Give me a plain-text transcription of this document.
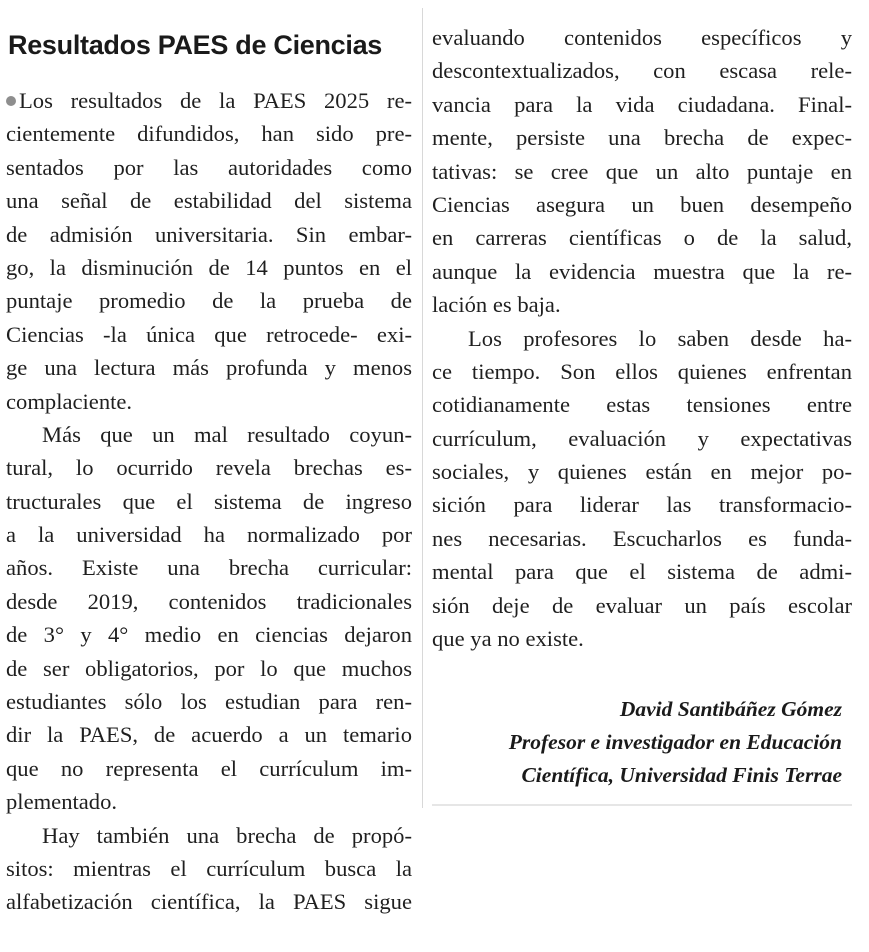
Resultados PAES de Ciencias
Los resultados de la PAES 2025 re-
cientemente difundidos, han sido pre-
sentados por las autoridades como
una señal de estabilidad del sistema
de admisión universitaria. Sin embar-
go, la disminución de 14 puntos en el
puntaje promedio de la prueba de
Ciencias -la única que retrocede- exi-
ge una lectura más profunda y menos
complaciente.
Más que un mal resultado coyun-
tural, lo ocurrido revela brechas es-
tructurales que el sistema de ingreso
a la universidad ha normalizado por
años. Existe una brecha curricular:
desde 2019, contenidos tradicionales
de 3° y 4° medio en ciencias dejaron
de ser obligatorios, por lo que muchos
estudiantes sólo los estudian para ren-
dir la PAES, de acuerdo a un temario
que no representa el currículum im-
plementado.
Hay también una brecha de propó-
sitos: mientras el currículum busca la
alfabetización científica, la PAES sigue
evaluando contenidos específicos y
descontextualizados, con escasa rele-
vancia para la vida ciudadana. Final-
mente, persiste una brecha de expec-
tativas: se cree que un alto puntaje en
Ciencias asegura un buen desempeño
en carreras científicas o de la salud,
aunque la evidencia muestra que la re-
lación es baja.
Los profesores lo saben desde ha-
ce tiempo. Son ellos quienes enfrentan
cotidianamente estas tensiones entre
currículum, evaluación y expectativas
sociales, y quienes están en mejor po-
sición para liderar las transformacio-
nes necesarias. Escucharlos es funda-
mental para que el sistema de admi-
sión deje de evaluar un país escolar
que ya no existe.
David Santibáñez Gómez
Profesor e investigador en Educación
Científica, Universidad Finis Terrae
